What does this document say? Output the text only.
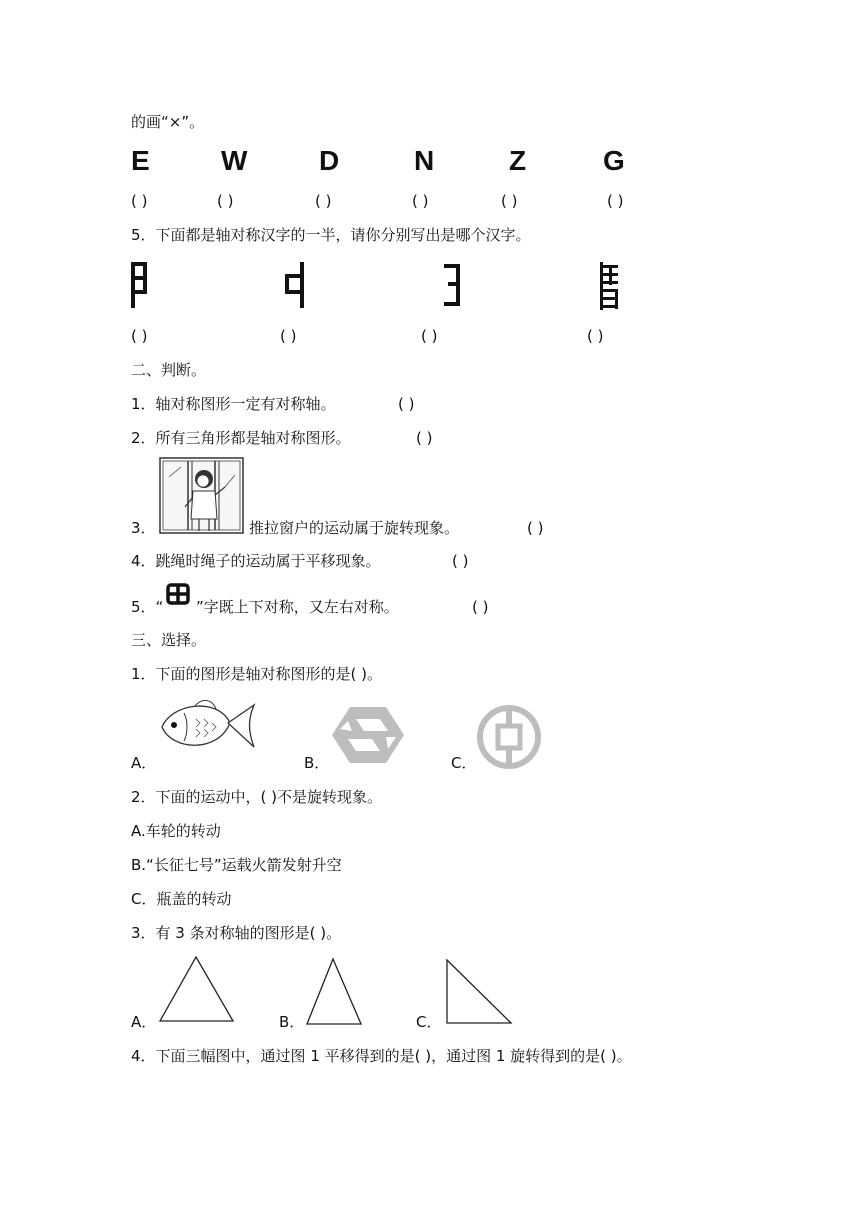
的画“×”。
E	W	D	N	Z	G
( )	( )	( )	( )	( )	( )
5．下面都是轴对称汉字的一半，请你分别写出是哪个汉字。
( )	( )	( )	( )
二、判断。
1．轴对称图形一定有对称轴。	( )
2．所有三角形都是轴对称图形。	( )
3．	推拉窗户的运动属于旋转现象。	( )
4．跳绳时绳子的运动属于平移现象。	( )
5．“ ”字既上下对称，又左右对称。	( )
三、选择。
1．下面的图形是轴对称图形的是( )。
A．	B．	C．
2．下面的运动中，( )不是旋转现象。
A.车轮的转动
B.“长征七号”运载火箭发射升空
C．瓶盖的转动
3．有 3 条对称轴的图形是( )。
A．	B．	C．
4．下面三幅图中，通过图 1 平移得到的是( )，通过图 1 旋转得到的是( )。
